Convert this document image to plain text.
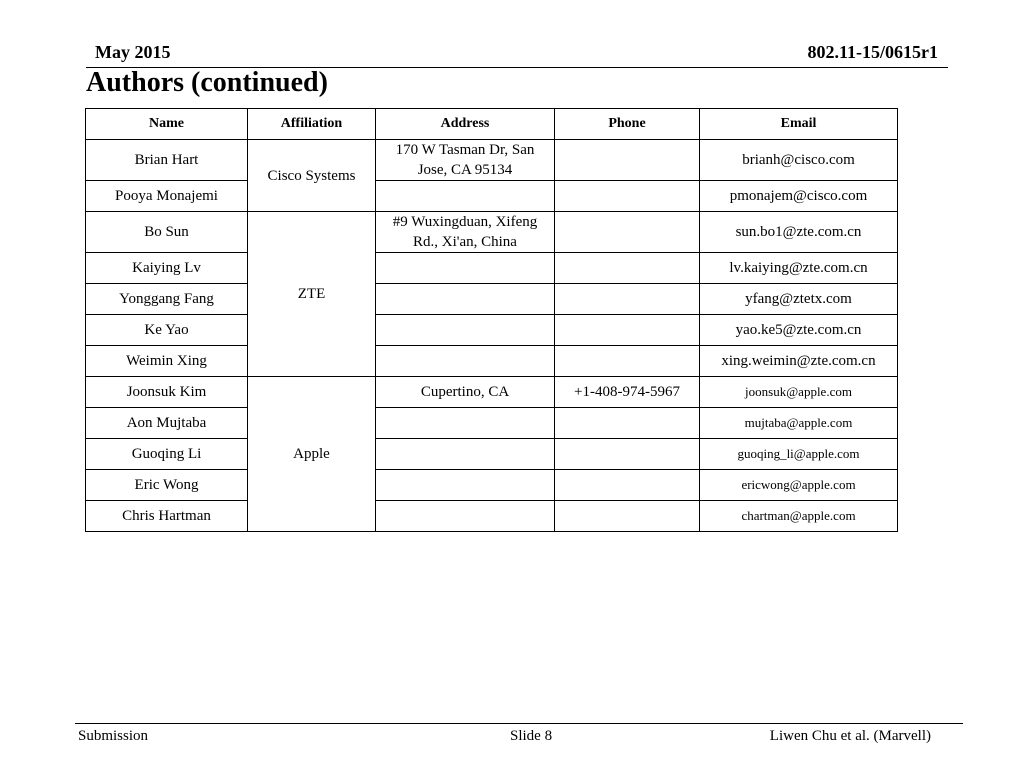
May 2015	802.11-15/0615r1
Authors (continued)
Name	Affiliation	Address	Phone	Email
Brian Hart	Cisco Systems	170 W Tasman Dr, San Jose, CA 95134		brianh@cisco.com
Pooya Monajemi				pmonajem@cisco.com
Bo Sun	ZTE	#9 Wuxingduan, Xifeng Rd., Xi'an, China		sun.bo1@zte.com.cn
Kaiying Lv				lv.kaiying@zte.com.cn
Yonggang Fang				yfang@ztetx.com
Ke Yao				yao.ke5@zte.com.cn
Weimin Xing				xing.weimin@zte.com.cn
Joonsuk Kim	Apple	Cupertino, CA	+1-408-974-5967	joonsuk@apple.com
Aon Mujtaba				mujtaba@apple.com
Guoqing Li				guoqing_li@apple.com
Eric Wong				ericwong@apple.com
Chris Hartman				chartman@apple.com
Submission	Slide 8	Liwen Chu et al. (Marvell)
